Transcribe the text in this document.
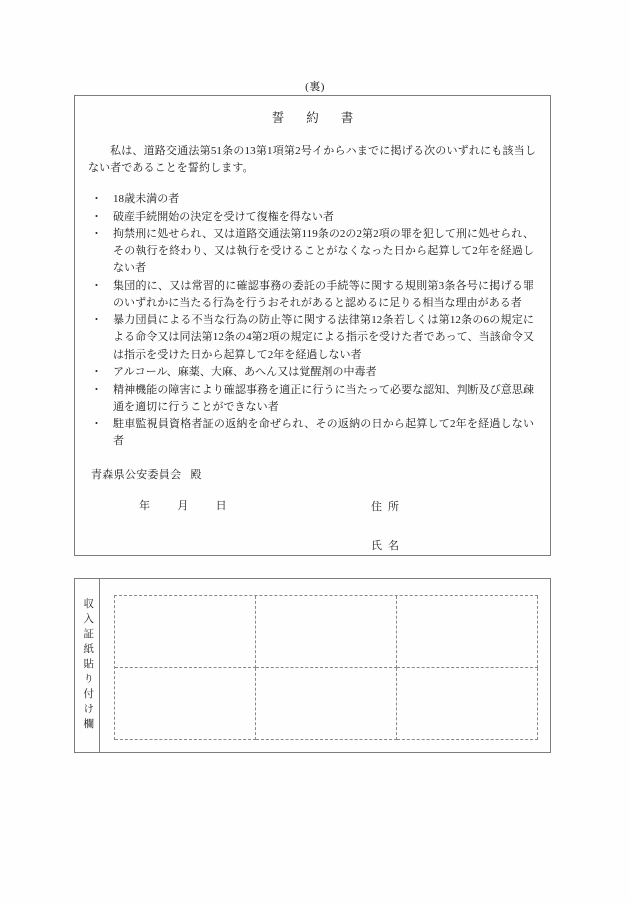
(裏)
誓約書
私は、道路交通法第51条の13第1項第2号イからハまでに掲げる次のいずれにも該当しない者であることを誓約します。
・ 18歳未満の者
・ 破産手続開始の決定を受けて復権を得ない者
・ 拘禁刑に処せられ、又は道路交通法第119条の2の2第2項の罪を犯して刑に処せられ、その執行を終わり、又は執行を受けることがなくなった日から起算して2年を経過しない者
・ 集団的に、又は常習的に確認事務の委託の手続等に関する規則第3条各号に掲げる罪のいずれかに当たる行為を行うおそれがあると認めるに足りる相当な理由がある者
・ 暴力団員による不当な行為の防止等に関する法律第12条若しくは第12条の6の規定による命令又は同法第12条の4第2項の規定による指示を受けた者であって、当該命令又は指示を受けた日から起算して2年を経過しない者
・ アルコール、麻薬、大麻、あへん又は覚醒剤の中毒者
・ 精神機能の障害により確認事務を適正に行うに当たって必要な認知、判断及び意思疎通を適切に行うことができない者
・ 駐車監視員資格者証の返納を命ぜられ、その返納の日から起算して2年を経過しない者
青森県公安委員会 殿
年 月 日	住所
氏名
収入証紙貼り付け欄
